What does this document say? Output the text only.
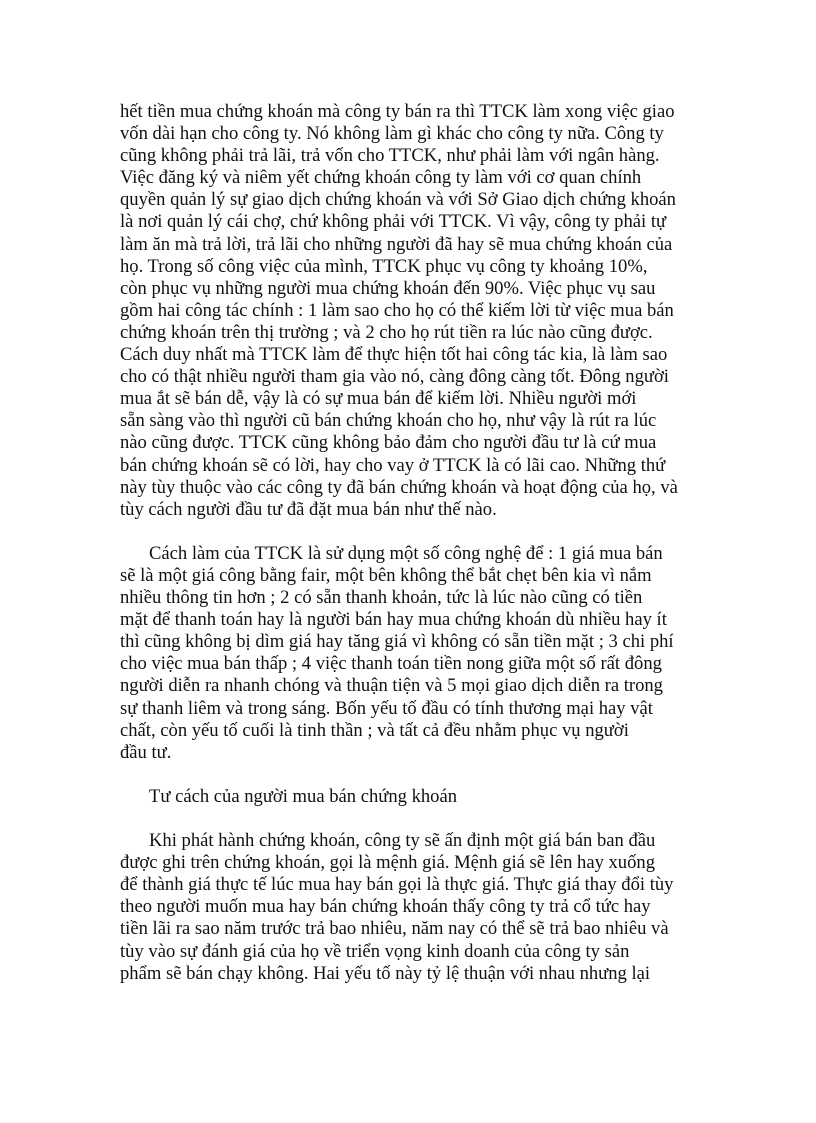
hết tiền mua chứng khoán mà công ty bán ra thì TTCK làm xong việc giao
vốn dài hạn cho công ty. Nó không làm gì khác cho công ty nữa. Công ty
cũng không phải trả lãi, trả vốn cho TTCK, như phải làm với ngân hàng.
Việc đăng ký và niêm yết chứng khoán công ty làm với cơ quan chính
quyền quản lý sự giao dịch chứng khoán và với Sở Giao dịch chứng khoán
là nơi quản lý cái chợ, chứ không phải với TTCK. Vì vậy, công ty phải tự
làm ăn mà trả lời, trả lãi cho những người đã hay sẽ mua chứng khoán của
họ. Trong số công việc của mình, TTCK phục vụ công ty khoảng 10%,
còn phục vụ những người mua chứng khoán đến 90%. Việc phục vụ sau
gồm hai công tác chính : 1 làm sao cho họ có thể kiếm lời từ việc mua bán
chứng khoán trên thị trường ; và 2 cho họ rút tiền ra lúc nào cũng được.
Cách duy nhất mà TTCK làm để thực hiện tốt hai công tác kia, là làm sao
cho có thật nhiều người tham gia vào nó, càng đông càng tốt. Đông người
mua ắt sẽ bán dễ, vậy là có sự mua bán để kiếm lời. Nhiều người mới
sẵn sàng vào thì người cũ bán chứng khoán cho họ, như vậy là rút ra lúc
nào cũng được. TTCK cũng không bảo đảm cho người đầu tư là cứ mua
bán chứng khoán sẽ có lời, hay cho vay ở TTCK là có lãi cao. Những thứ
này tùy thuộc vào các công ty đã bán chứng khoán và hoạt động của họ, và
tùy cách người đầu tư đã đặt mua bán như thế nào.

Cách làm của TTCK là sử dụng một số công nghệ để : 1 giá mua bán
sẽ là một giá công bằng fair, một bên không thể bắt chẹt bên kia vì nắm
nhiều thông tin hơn ; 2 có sẵn thanh khoản, tức là lúc nào cũng có tiền
mặt để thanh toán hay là người bán hay mua chứng khoán dù nhiều hay ít
thì cũng không bị dìm giá hay tăng giá vì không có sẵn tiền mặt ; 3 chi phí
cho việc mua bán thấp ; 4 việc thanh toán tiền nong giữa một số rất đông
người diễn ra nhanh chóng và thuận tiện và 5 mọi giao dịch diễn ra trong
sự thanh liêm và trong sáng. Bốn yếu tố đầu có tính thương mại hay vật
chất, còn yếu tố cuối là tinh thần ; và tất cả đều nhằm phục vụ người
đầu tư.

Tư cách của người mua bán chứng khoán

Khi phát hành chứng khoán, công ty sẽ ấn định một giá bán ban đầu
được ghi trên chứng khoán, gọi là mệnh giá. Mệnh giá sẽ lên hay xuống
để thành giá thực tế lúc mua hay bán gọi là thực giá. Thực giá thay đổi tùy
theo người muốn mua hay bán chứng khoán thấy công ty trả cổ tức hay
tiền lãi ra sao năm trước trả bao nhiêu, năm nay có thể sẽ trả bao nhiêu và
tùy vào sự đánh giá của họ về triển vọng kinh doanh của công ty sản
phẩm sẽ bán chạy không. Hai yếu tố này tỷ lệ thuận với nhau nhưng lại
